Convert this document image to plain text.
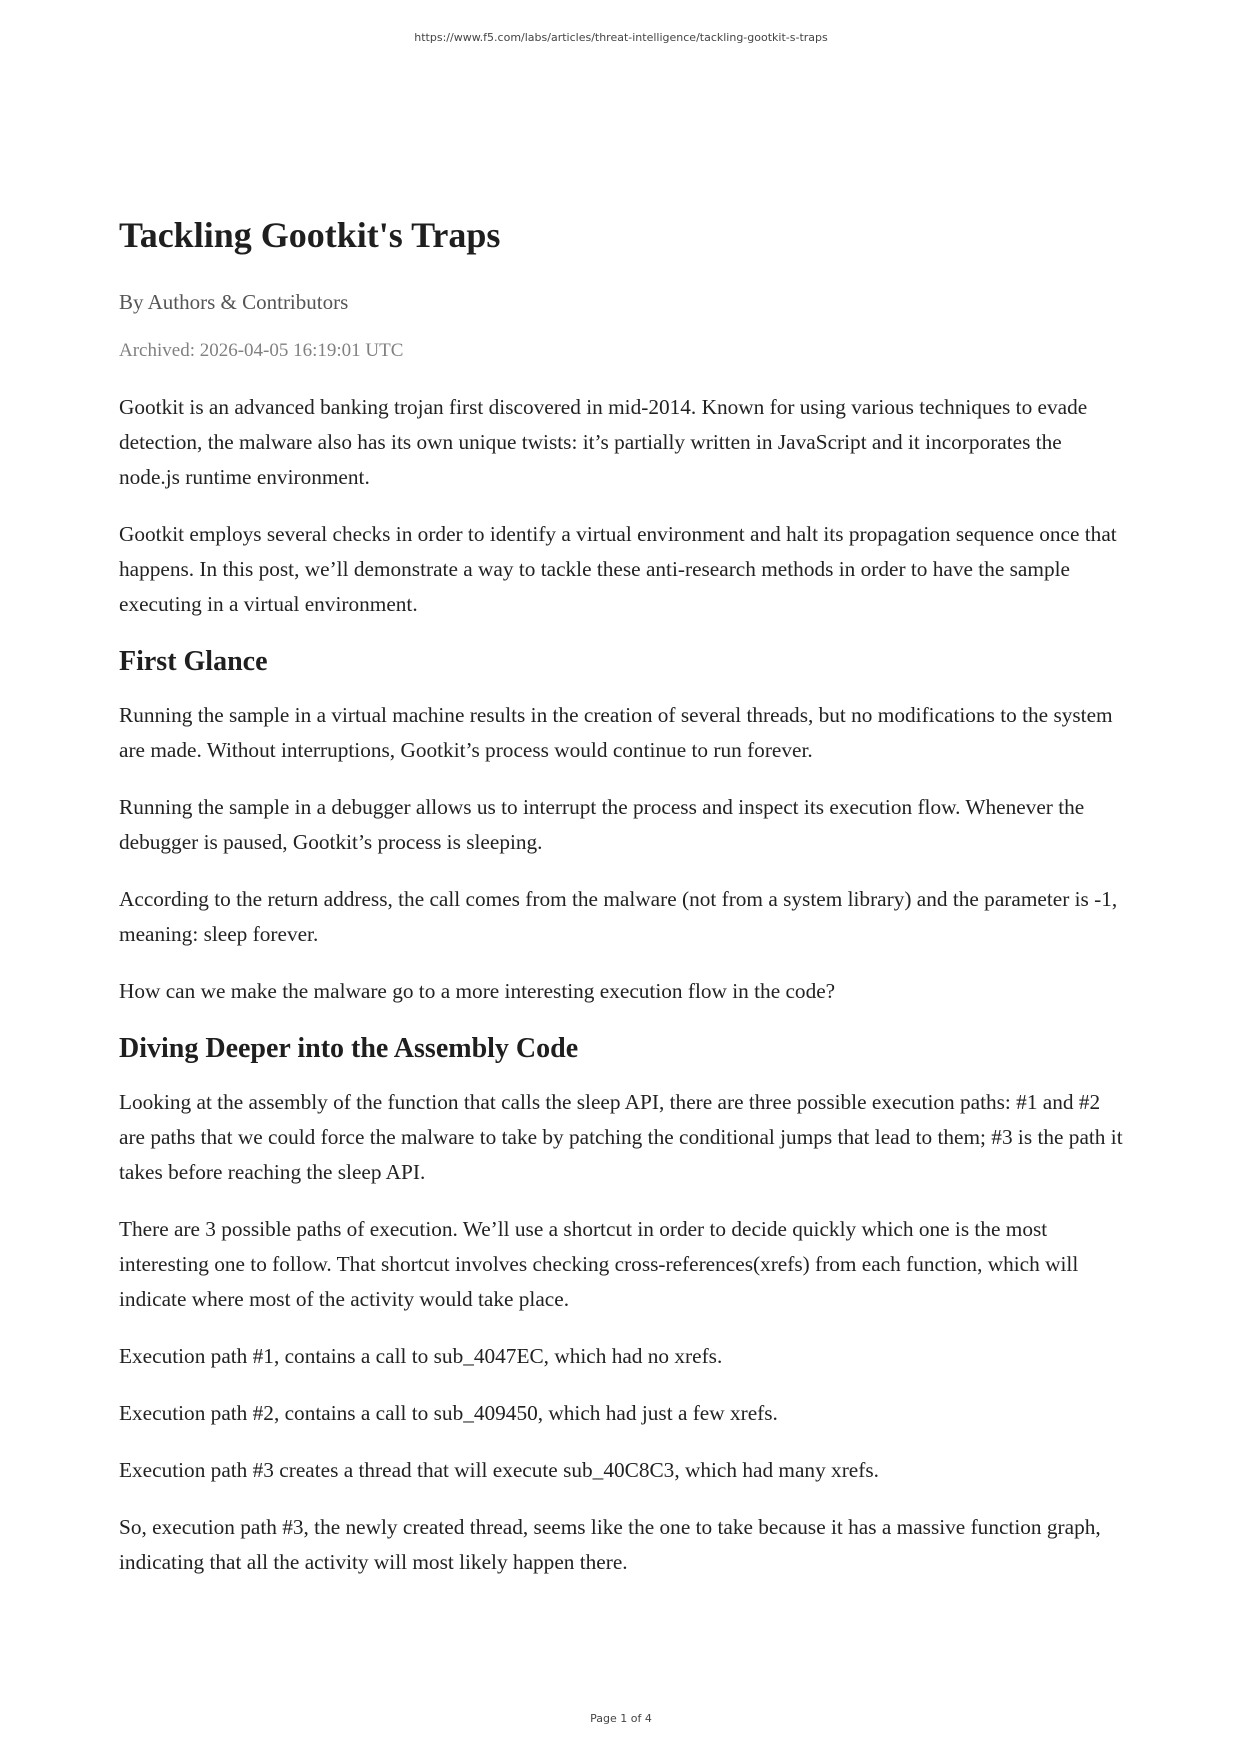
https://www.f5.com/labs/articles/threat-intelligence/tackling-gootkit-s-traps
Tackling Gootkit's Traps

By Authors & Contributors

Archived: 2026-04-05 16:19:01 UTC

Gootkit is an advanced banking trojan first discovered in mid-2014. Known for using various techniques to evade detection, the malware also has its own unique twists: it’s partially written in JavaScript and it incorporates the node.js runtime environment.

Gootkit employs several checks in order to identify a virtual environment and halt its propagation sequence once that happens. In this post, we’ll demonstrate a way to tackle these anti-research methods in order to have the sample executing in a virtual environment.

First Glance

Running the sample in a virtual machine results in the creation of several threads, but no modifications to the system are made. Without interruptions, Gootkit’s process would continue to run forever.

Running the sample in a debugger allows us to interrupt the process and inspect its execution flow. Whenever the debugger is paused, Gootkit’s process is sleeping.

According to the return address, the call comes from the malware (not from a system library) and the parameter is -1, meaning: sleep forever.

How can we make the malware go to a more interesting execution flow in the code?

Diving Deeper into the Assembly Code

Looking at the assembly of the function that calls the sleep API, there are three possible execution paths: #1 and #2 are paths that we could force the malware to take by patching the conditional jumps that lead to them; #3 is the path it takes before reaching the sleep API.

There are 3 possible paths of execution. We’ll use a shortcut in order to decide quickly which one is the most interesting one to follow. That shortcut involves checking cross-references(xrefs) from each function, which will indicate where most of the activity would take place.

Execution path #1, contains a call to sub_4047EC, which had no xrefs.

Execution path #2, contains a call to sub_409450, which had just a few xrefs.

Execution path #3 creates a thread that will execute sub_40C8C3, which had many xrefs.

So, execution path #3, the newly created thread, seems like the one to take because it has a massive function graph, indicating that all the activity will most likely happen there.

Page 1 of 4
